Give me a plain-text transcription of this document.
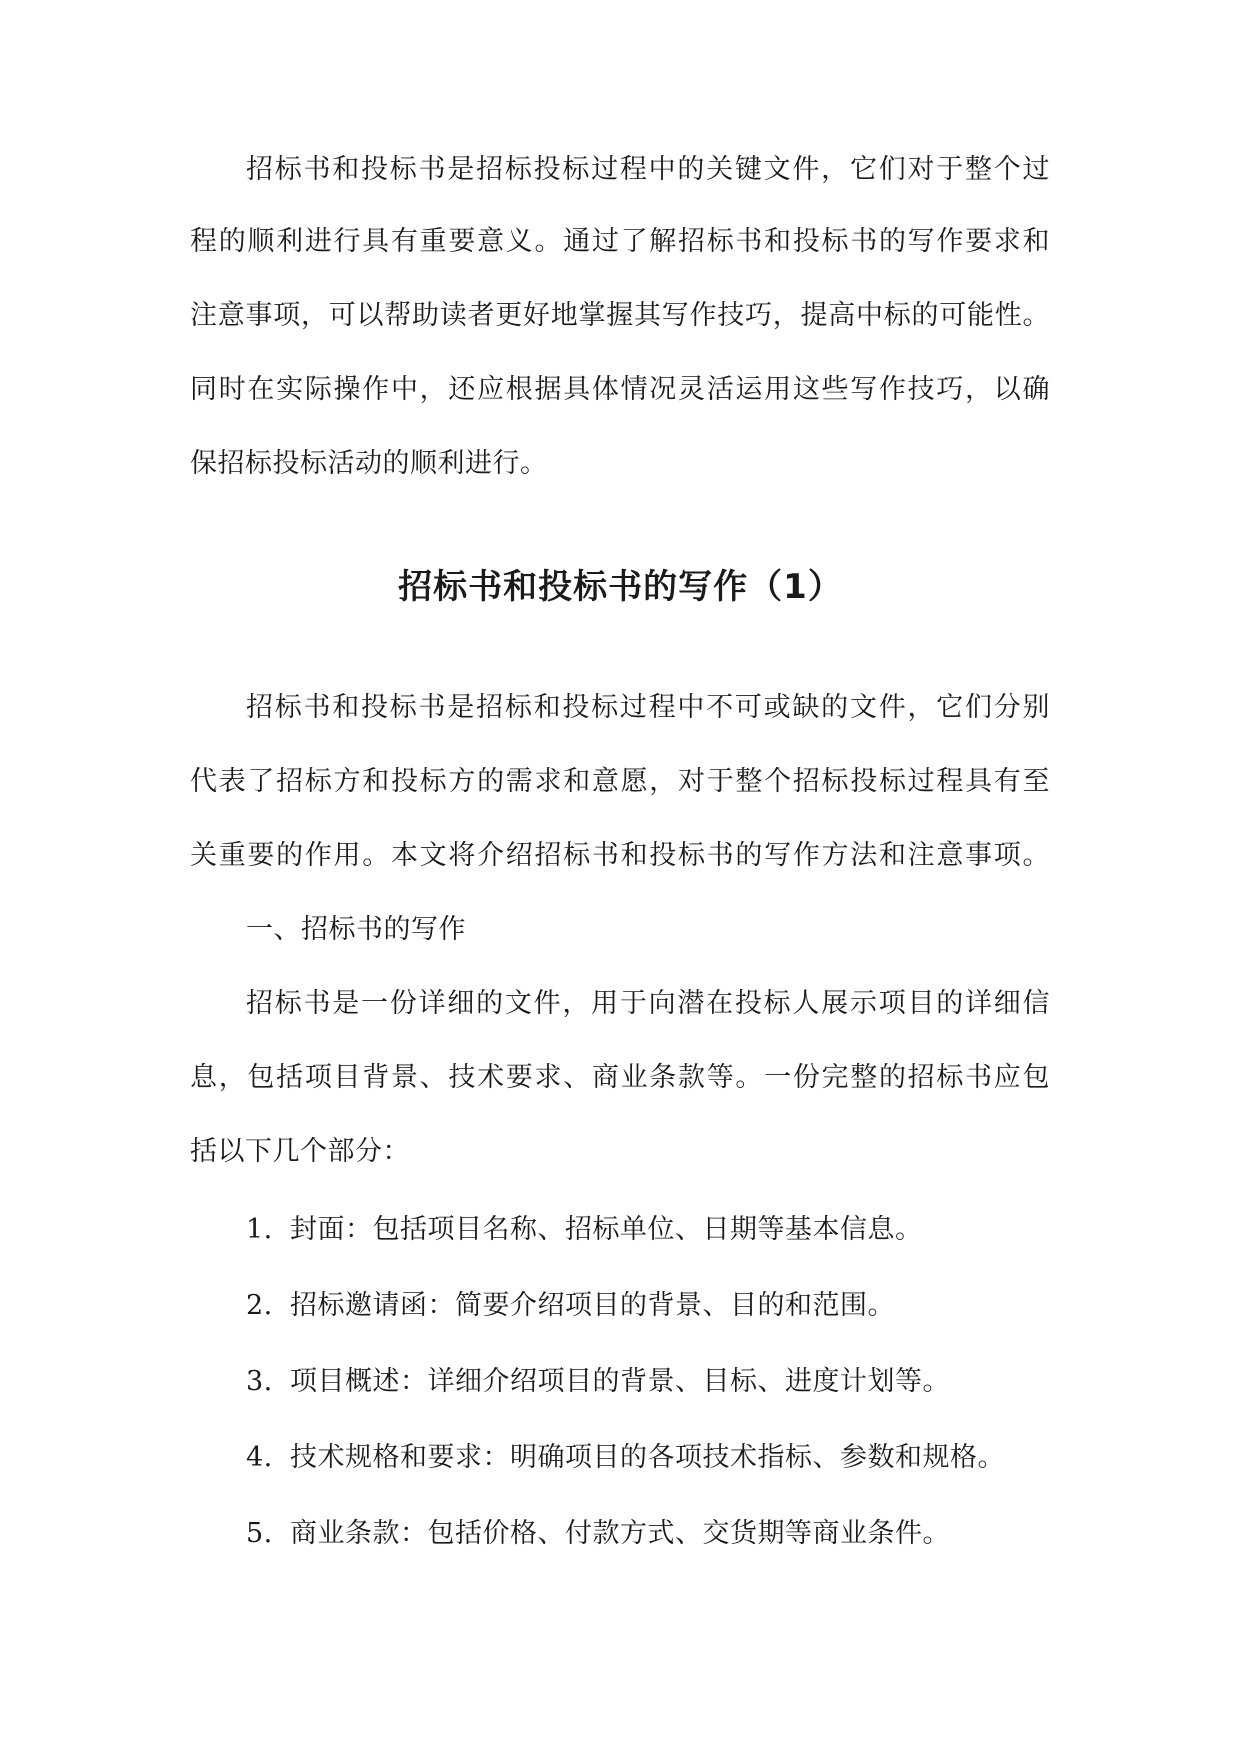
招标书和投标书是招标投标过程中的关键文件，它们对于整个过
程的顺利进行具有重要意义。通过了解招标书和投标书的写作要求和
注意事项，可以帮助读者更好地掌握其写作技巧，提高中标的可能性。
同时在实际操作中，还应根据具体情况灵活运用这些写作技巧，以确
保招标投标活动的顺利进行。
招标书和投标书的写作（1）
招标书和投标书是招标和投标过程中不可或缺的文件，它们分别
代表了招标方和投标方的需求和意愿，对于整个招标投标过程具有至
关重要的作用。本文将介绍招标书和投标书的写作方法和注意事项。
一、招标书的写作
招标书是一份详细的文件，用于向潜在投标人展示项目的详细信
息，包括项目背景、技术要求、商业条款等。一份完整的招标书应包
括以下几个部分：
1. 封面：包括项目名称、招标单位、日期等基本信息。
2. 招标邀请函：简要介绍项目的背景、目的和范围。
3. 项目概述：详细介绍项目的背景、目标、进度计划等。
4. 技术规格和要求：明确项目的各项技术指标、参数和规格。
5. 商业条款：包括价格、付款方式、交货期等商业条件。
